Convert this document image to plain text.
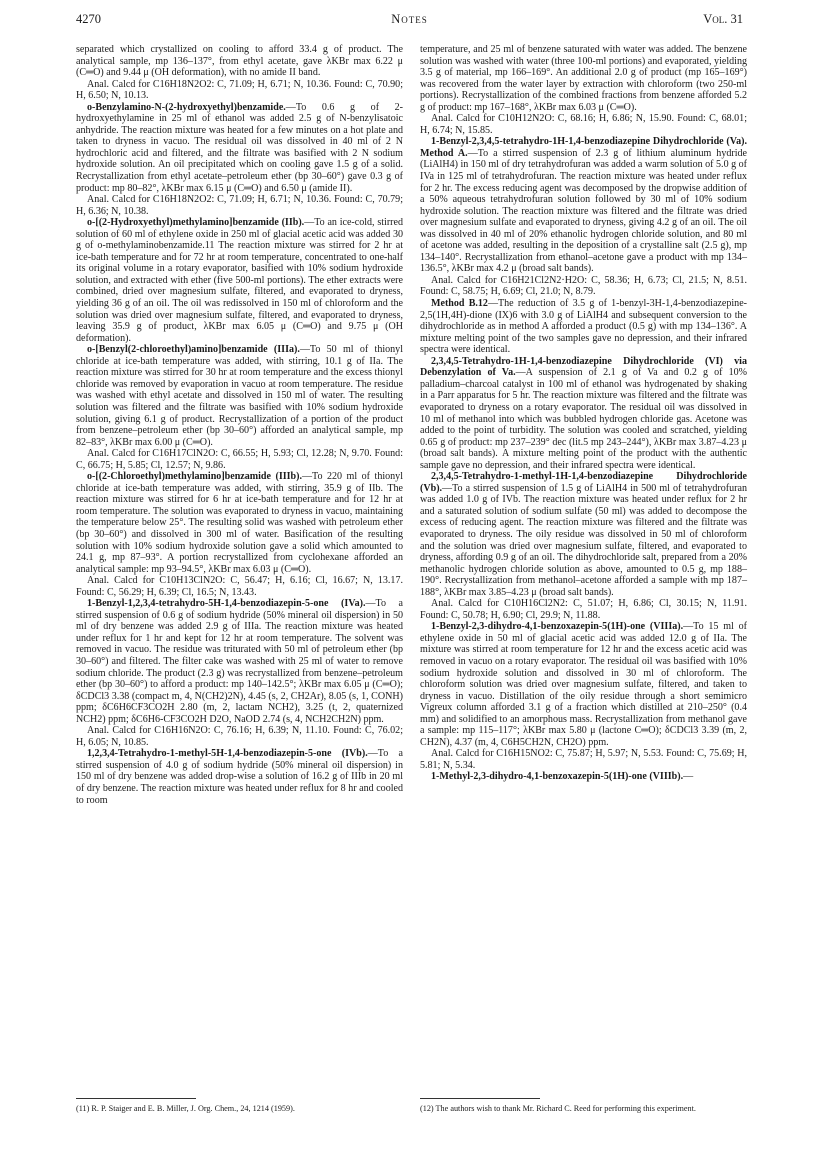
4270	Notes	Vol. 31

separated which crystallized on cooling to afford 33.4 g of product. The analytical sample, mp 136–137°, from ethyl acetate, gave λKBr max 6.22 μ (C═O) and 9.44 μ (OH deformation), with no amide II band.

Anal. Calcd for C16H18N2O2: C, 71.09; H, 6.71; N, 10.36. Found: C, 70.90; H, 6.50; N, 10.13.

o-Benzylamino-N-(2-hydroxyethyl)benzamide.—To 0.6 g of 2-hydroxyethylamine in 25 ml of ethanol was added 2.5 g of N-benzylisatoic anhydride. The reaction mixture was heated for a few minutes on a hot plate and taken to dryness in vacuo. The residual oil was dissolved in 40 ml of 2 N hydrochloric acid and filtered, and the filtrate was basified with 2 N sodium hydroxide solution. An oil precipitated which on cooling gave 1.5 g of a solid. Recrystallization from ethyl acetate–petroleum ether (bp 30–60°) gave 0.3 g of product: mp 80–82°, λKBr max 6.15 μ (C═O) and 6.50 μ (amide II).

Anal. Calcd for C16H18N2O2: C, 71.09; H, 6.71; N, 10.36. Found: C, 70.79; H, 6.36; N, 10.38.

o-[(2-Hydroxyethyl)methylamino]benzamide (IIb).—To an ice-cold, stirred solution of 60 ml of ethylene oxide in 250 ml of glacial acetic acid was added 30 g of o-methylaminobenzamide.11 The reaction mixture was stirred for 2 hr at ice-bath temperature and for 72 hr at room temperature, concentrated to one-half its original volume in a rotary evaporator, basified with 10% sodium hydroxide solution, and extracted with ether (five 500-ml portions). The ether extracts were combined, dried over magnesium sulfate, filtered, and evaporated to dryness, yielding 36 g of an oil. The oil was redissolved in 150 ml of chloroform and the solution was dried over magnesium sulfate, filtered, and evaporated to dryness, leaving 35.9 g of product, λKBr max 6.05 μ (C═O) and 9.75 μ (OH deformation).

o-[Benzyl(2-chloroethyl)amino]benzamide (IIIa).—To 50 ml of thionyl chloride at ice-bath temperature was added, with stirring, 10.1 g of IIa. The reaction mixture was stirred for 30 hr at room temperature and the excess thionyl chloride was removed by evaporation in vacuo at room temperature. The residue was washed with ethyl acetate and dissolved in 150 ml of water. The resulting solution was filtered and the filtrate was basified with 10% sodium hydroxide solution, giving 6.1 g of product. Recrystallization of a portion of the product from benzene–petroleum ether (bp 30–60°) afforded an analytical sample, mp 82–83°, λKBr max 6.00 μ (C═O).

Anal. Calcd for C16H17ClN2O: C, 66.55; H, 5.93; Cl, 12.28; N, 9.70. Found: C, 66.75; H, 5.85; Cl, 12.57; N, 9.86.

o-[(2-Chloroethyl)methylamino]benzamide (IIIb).—To 220 ml of thionyl chloride at ice-bath temperature was added, with stirring, 35.9 g of IIb. The reaction mixture was stirred for 6 hr at ice-bath temperature and for 12 hr at room temperature. The solution was evaporated to dryness in vacuo, maintaining the temperature below 25°. The resulting solid was washed with petroleum ether (bp 30–60°) and dissolved in 300 ml of water. Basification of the resulting solution with 10% sodium hydroxide solution gave a solid which amounted to 24.1 g, mp 87–93°. A portion recrystallized from cyclohexane afforded an analytical sample: mp 93–94.5°, λKBr max 6.03 μ (C═O).

Anal. Calcd for C10H13ClN2O: C, 56.47; H, 6.16; Cl, 16.67; N, 13.17. Found: C, 56.29; H, 6.39; Cl, 16.5; N, 13.43.

1-Benzyl-1,2,3,4-tetrahydro-5H-1,4-benzodiazepin-5-one (IVa).—To a stirred suspension of 0.6 g of sodium hydride (50% mineral oil dispersion) in 50 ml of dry benzene was added 2.9 g of IIIa. The reaction mixture was heated under reflux for 1 hr and kept for 12 hr at room temperature. The solvent was removed in vacuo. The residue was triturated with 50 ml of petroleum ether (bp 30–60°) and filtered. The filter cake was washed with 25 ml of water to remove sodium chloride. The product (2.3 g) was recrystallized from benzene–petroleum ether (bp 30–60°) to afford a product: mp 140–142.5°; λKBr max 6.05 μ (C═O); δCDCl3 3.38 (compact m, 4, N(CH2)2N), 4.45 (s, 2, CH2Ar), 8.05 (s, 1, CONH) ppm; δC6H6CF3CO2H 2.80 (m, 2, lactam NCH2), 3.25 (t, 2, quaternized NCH2) ppm; δC6H6-CF3CO2H D2O, NaOD 2.74 (s, 4, NCH2CH2N) ppm.

Anal. Calcd for C16H16N2O: C, 76.16; H, 6.39; N, 11.10. Found: C, 76.02; H, 6.05; N, 10.85.

1,2,3,4-Tetrahydro-1-methyl-5H-1,4-benzodiazepin-5-one (IVb).—To a stirred suspension of 4.0 g of sodium hydride (50% mineral oil dispersion) in 150 ml of dry benzene was added drop-wise a solution of 16.2 g of IIIb in 20 ml of dry benzene. The reaction mixture was heated under reflux for 8 hr and cooled to room

temperature, and 25 ml of benzene saturated with water was added. The benzene solution was washed with water (three 100-ml portions) and evaporated, yielding 3.5 g of material, mp 166–169°. An additional 2.0 g of product (mp 165–169°) was recovered from the water layer by extraction with chloroform (two 250-ml portions). Recrystallization of the combined fractions from benzene afforded 5.2 g of product: mp 167–168°, λKBr max 6.03 μ (C═O).

Anal. Calcd for C10H12N2O: C, 68.16; H, 6.86; N, 15.90. Found: C, 68.01; H, 6.74; N, 15.85.

1-Benzyl-2,3,4,5-tetrahydro-1H-1,4-benzodiazepine Dihydrochloride (Va). Method A.—To a stirred suspension of 2.3 g of lithium aluminum hydride (LiAlH4) in 150 ml of dry tetrahydrofuran was added a warm solution of 5.0 g of IVa in 125 ml of tetrahydrofuran. The reaction mixture was heated under reflux for 2 hr. The excess reducing agent was decomposed by the dropwise addition of a 50% aqueous tetrahydrofuran solution followed by 30 ml of 10% sodium hydroxide solution. The reaction mixture was filtered and the filtrate was dried over magnesium sulfate and evaporated to dryness, giving 4.2 g of an oil. The oil was dissolved in 40 ml of 20% ethanolic hydrogen chloride solution, and 80 ml of acetone was added, resulting in the deposition of a crystalline salt (2.5 g), mp 134–140°. Recrystallization from ethanol–acetone gave a product with mp 134–136.5°, λKBr max 4.2 μ (broad salt bands).

Anal. Calcd for C16H21Cl2N2·H2O: C, 58.36; H, 6.73; Cl, 21.5; N, 8.51. Found: C, 58.75; H, 6.69; Cl, 21.0; N, 8.79.

Method B.12—The reduction of 3.5 g of 1-benzyl-3H-1,4-benzodiazepine-2,5(1H,4H)-dione (IX)6 with 3.0 g of LiAlH4 and subsequent conversion to the dihydrochloride as in method A afforded a product (0.5 g) with mp 134–136°. A mixture melting point of the two samples gave no depression, and their infrared spectra were identical.

2,3,4,5-Tetrahydro-1H-1,4-benzodiazepine Dihydrochloride (VI) via Debenzylation of Va.—A suspension of 2.1 g of Va and 0.2 g of 10% palladium–charcoal catalyst in 100 ml of ethanol was hydrogenated by shaking in a Parr apparatus for 5 hr. The reaction mixture was filtered and the filtrate was evaporated to dryness on a rotary evaporator. The residual oil was dissolved in 10 ml of methanol into which was bubbled hydrogen chloride gas. Acetone was added to the point of turbidity. The solution was cooled and scratched, yielding 0.65 g of product: mp 237–239° dec (lit.5 mp 243–244°), λKBr max 3.87–4.23 μ (broad salt bands). A mixture melting point of the product with the authentic sample gave no depression, and their infrared spectra were identical.

2,3,4,5-Tetrahydro-1-methyl-1H-1,4-benzodiazepine Dihydrochloride (Vb).—To a stirred suspension of 1.5 g of LiAlH4 in 500 ml of tetrahydrofuran was added 1.0 g of IVb. The reaction mixture was heated under reflux for 2 hr and a saturated solution of sodium sulfate (50 ml) was added to decompose the excess of reducing agent. The reaction mixture was filtered and the filtrate was evaporated to dryness. The oily residue was dissolved in 50 ml of chloroform and the solution was dried over magnesium sulfate, filtered, and evaporated to dryness, affording 0.9 g of an oil. The dihydrochloride salt, prepared from a 20% methanolic hydrogen chloride solution as above, amounted to 0.5 g, mp 188–190°. Recrystallization from methanol–acetone afforded a sample with mp 187–188°, λKBr max 3.85–4.23 μ (broad salt bands).

Anal. Calcd for C10H16Cl2N2: C, 51.07; H, 6.86; Cl, 30.15; N, 11.91. Found: C, 50.78; H, 6.90; Cl, 29.9; N, 11.88.

1-Benzyl-2,3-dihydro-4,1-benzoxazepin-5(1H)-one (VIIIa).—To 15 ml of ethylene oxide in 50 ml of glacial acetic acid was added 12.0 g of IIa. The mixture was stirred at room temperature for 12 hr and the excess acetic acid was removed in vacuo on a rotary evaporator. The residual oil was basified with 10% sodium hydroxide solution and dissolved in 30 ml of chloroform. The chloroform solution was dried over magnesium sulfate, filtered, and taken to dryness in vacuo. Distillation of the oily residue through a short semimicro Vigreux column afforded 3.1 g of a fraction which distilled at 210–250° (0.4 mm) and solidified to an amorphous mass. Recrystallization from methanol gave a sample: mp 115–117°; λKBr max 5.80 μ (lactone C═O); δCDCl3 3.39 (m, 2, CH2N), 4.37 (m, 4, C6H5CH2N, CH2O) ppm.

Anal. Calcd for C16H15NO2: C, 75.87; H, 5.97; N, 5.53. Found: C, 75.69; H, 5.81; N, 5.34.

1-Methyl-2,3-dihydro-4,1-benzoxazepin-5(1H)-one (VIIIb).—

(11) R. P. Staiger and E. B. Miller, J. Org. Chem., 24, 1214 (1959).	(12) The authors wish to thank Mr. Richard C. Reed for performing this experiment.
